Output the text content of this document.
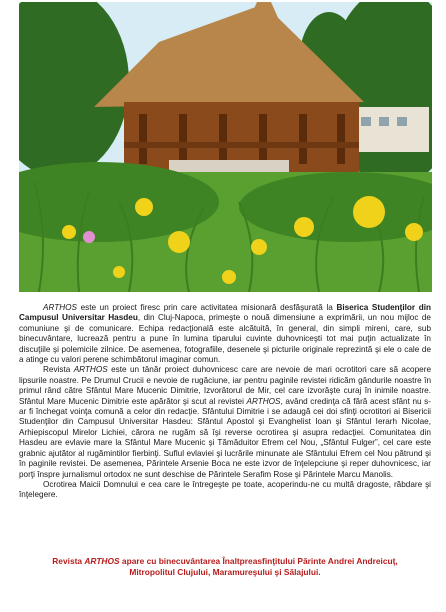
ARTHOS este un proiect firesc prin care activitatea misionară desfăşurată la Biserica Studenţilor din Campusul Universitar Hasdeu, din Cluj-Napoca, primeşte o nouă dimensiune a exprimării, un nou mijloc de comuniune şi de comunicare. Echipa redacţională este alcătuită, în general, din simpli mireni, care, sub binecuvântare, lucrează pentru a pune în lumina tiparului cuvinte duhovniceşti tot mai puţin actualizate în discuţiile şi polemicile zilnice. De asemenea, fotografiile, desenele şi picturile originale reprezintă şi ele o cale de a atinge cu valori perene schimbătorul imaginar comun.

Revista ARTHOS este un tânăr proiect duhovnicesc care are nevoie de mari ocrotitori care să acopere lipsurile noastre. Pe Drumul Crucii e nevoie de rugăciune, iar pentru paginile revistei ridicăm gândurile noastre în primul rând către Sfântul Mare Mucenic Dimitrie, Izvorâtorul de Mir, cel care izvorăşte curaj în inimile noastre. Sfântul Mare Mucenic Dimitrie este apărător şi scut al revistei ARTHOS, având credinţa că fără acest sfânt nu s-ar fi închegat voinţa comună a celor din redacţie. Sfântului Dimitrie i se adaugă cei doi sfinţi ocrotitori ai Bisericii Studenţilor din Campusul Universitar Hasdeu: Sfântul Apostol şi Evanghelist Ioan şi Sfântul Ierarh Nicolae, Arhiepiscopul Mirelor Lichiei, cărora ne rugăm să îşi reverse ocrotirea şi asupra redacţiei. Comunitatea din Hasdeu are evlavie mare la Sfântul Mare Mucenic şi Tămăduitor Efrem cel Nou, „Sfântul Fulger”, cel care este grabnic ajutător al rugămintilor fierbinţi. Suflul evlaviei şi lucrările minunate ale Sfântului Efrem cel Nou pătrund şi în paginile revistei. De asemenea, Părintele Arsenie Boca ne este izvor de înţelepciune şi reper duhovnicesc, iar porţi înspre jurnalismul ortodox ne sunt deschise de Părintele Serafim Rose şi Părintele Marcu Manolis.

Ocrotirea Maicii Domnului e cea care le întregeşte pe toate, acoperindu-ne cu multă dragoste, răbdare şi înţelegere.

Revista ARTHOS apare cu binecuvântarea Înaltpreasfinţitului Părinte Andrei Andreicuţ,
Mitropolitul Clujului, Maramureşului şi Sălajului.
